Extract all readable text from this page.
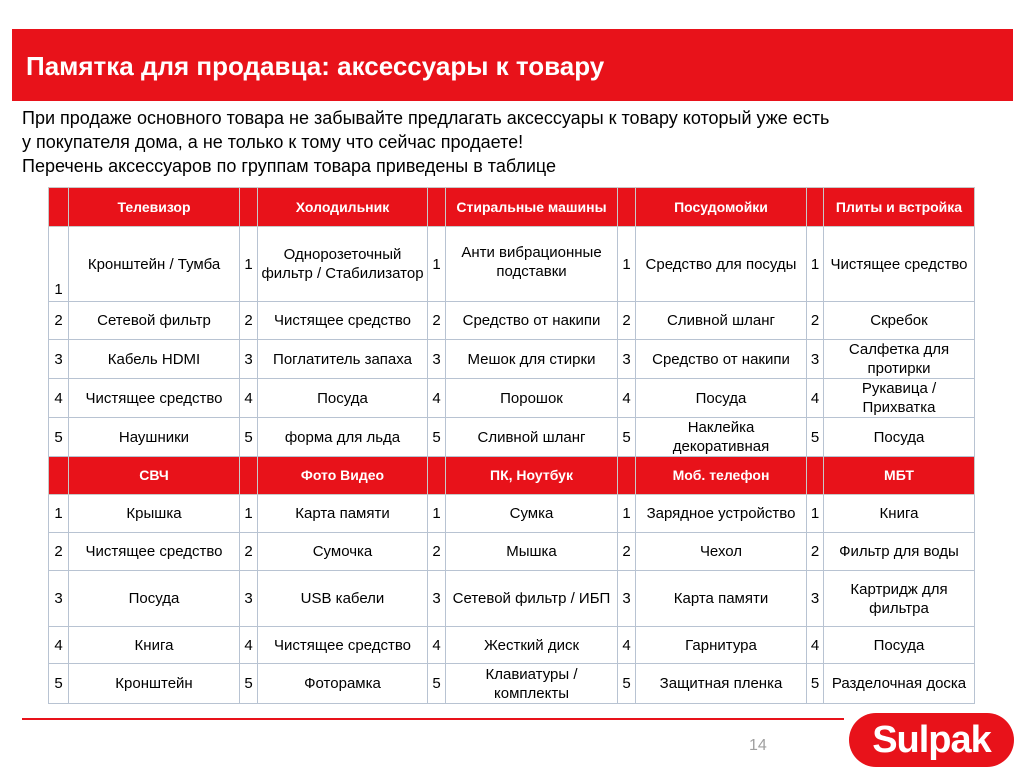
Памятка для продавца: аксессуары к товару
При продаже основного товара не забывайте предлагать аксессуары к товару который уже есть
у покупателя дома, а не только к тому что сейчас продаете!
Перечень аксессуаров по группам товара приведены в таблице
	Телевизор		Холодильник		Стиральные машины		Посудомойки		Плиты и встройка
1	Кронштейн / Тумба	1	Однорозеточный фильтр / Стабилизатор	1	Анти вибрационные подставки	1	Средство для посуды	1	Чистящее средство
2	Сетевой фильтр	2	Чистящее средство	2	Средство от накипи	2	Сливной шланг	2	Скребок
3	Кабель HDMI	3	Поглатитель запаха	3	Мешок для стирки	3	Средство от накипи	3	Салфетка для протирки
4	Чистящее средство	4	Посуда	4	Порошок	4	Посуда	4	Рукавица / Прихватка
5	Наушники	5	форма для льда	5	Сливной шланг	5	Наклейка декоративная	5	Посуда
	СВЧ		Фото Видео		ПК, Ноутбук		Моб. телефон		МБТ
1	Крышка	1	Карта памяти	1	Сумка	1	Зарядное устройство	1	Книга
2	Чистящее средство	2	Сумочка	2	Мышка	2	Чехол	2	Фильтр для воды
3	Посуда	3	USB кабели	3	Сетевой фильтр / ИБП	3	Карта памяти	3	Картридж для фильтра
4	Книга	4	Чистящее средство	4	Жесткий диск	4	Гарнитура	4	Посуда
5	Кронштейн	5	Фоторамка	5	Клавиатуры / комплекты	5	Защитная пленка	5	Разделочная доска
14	Sulpak
